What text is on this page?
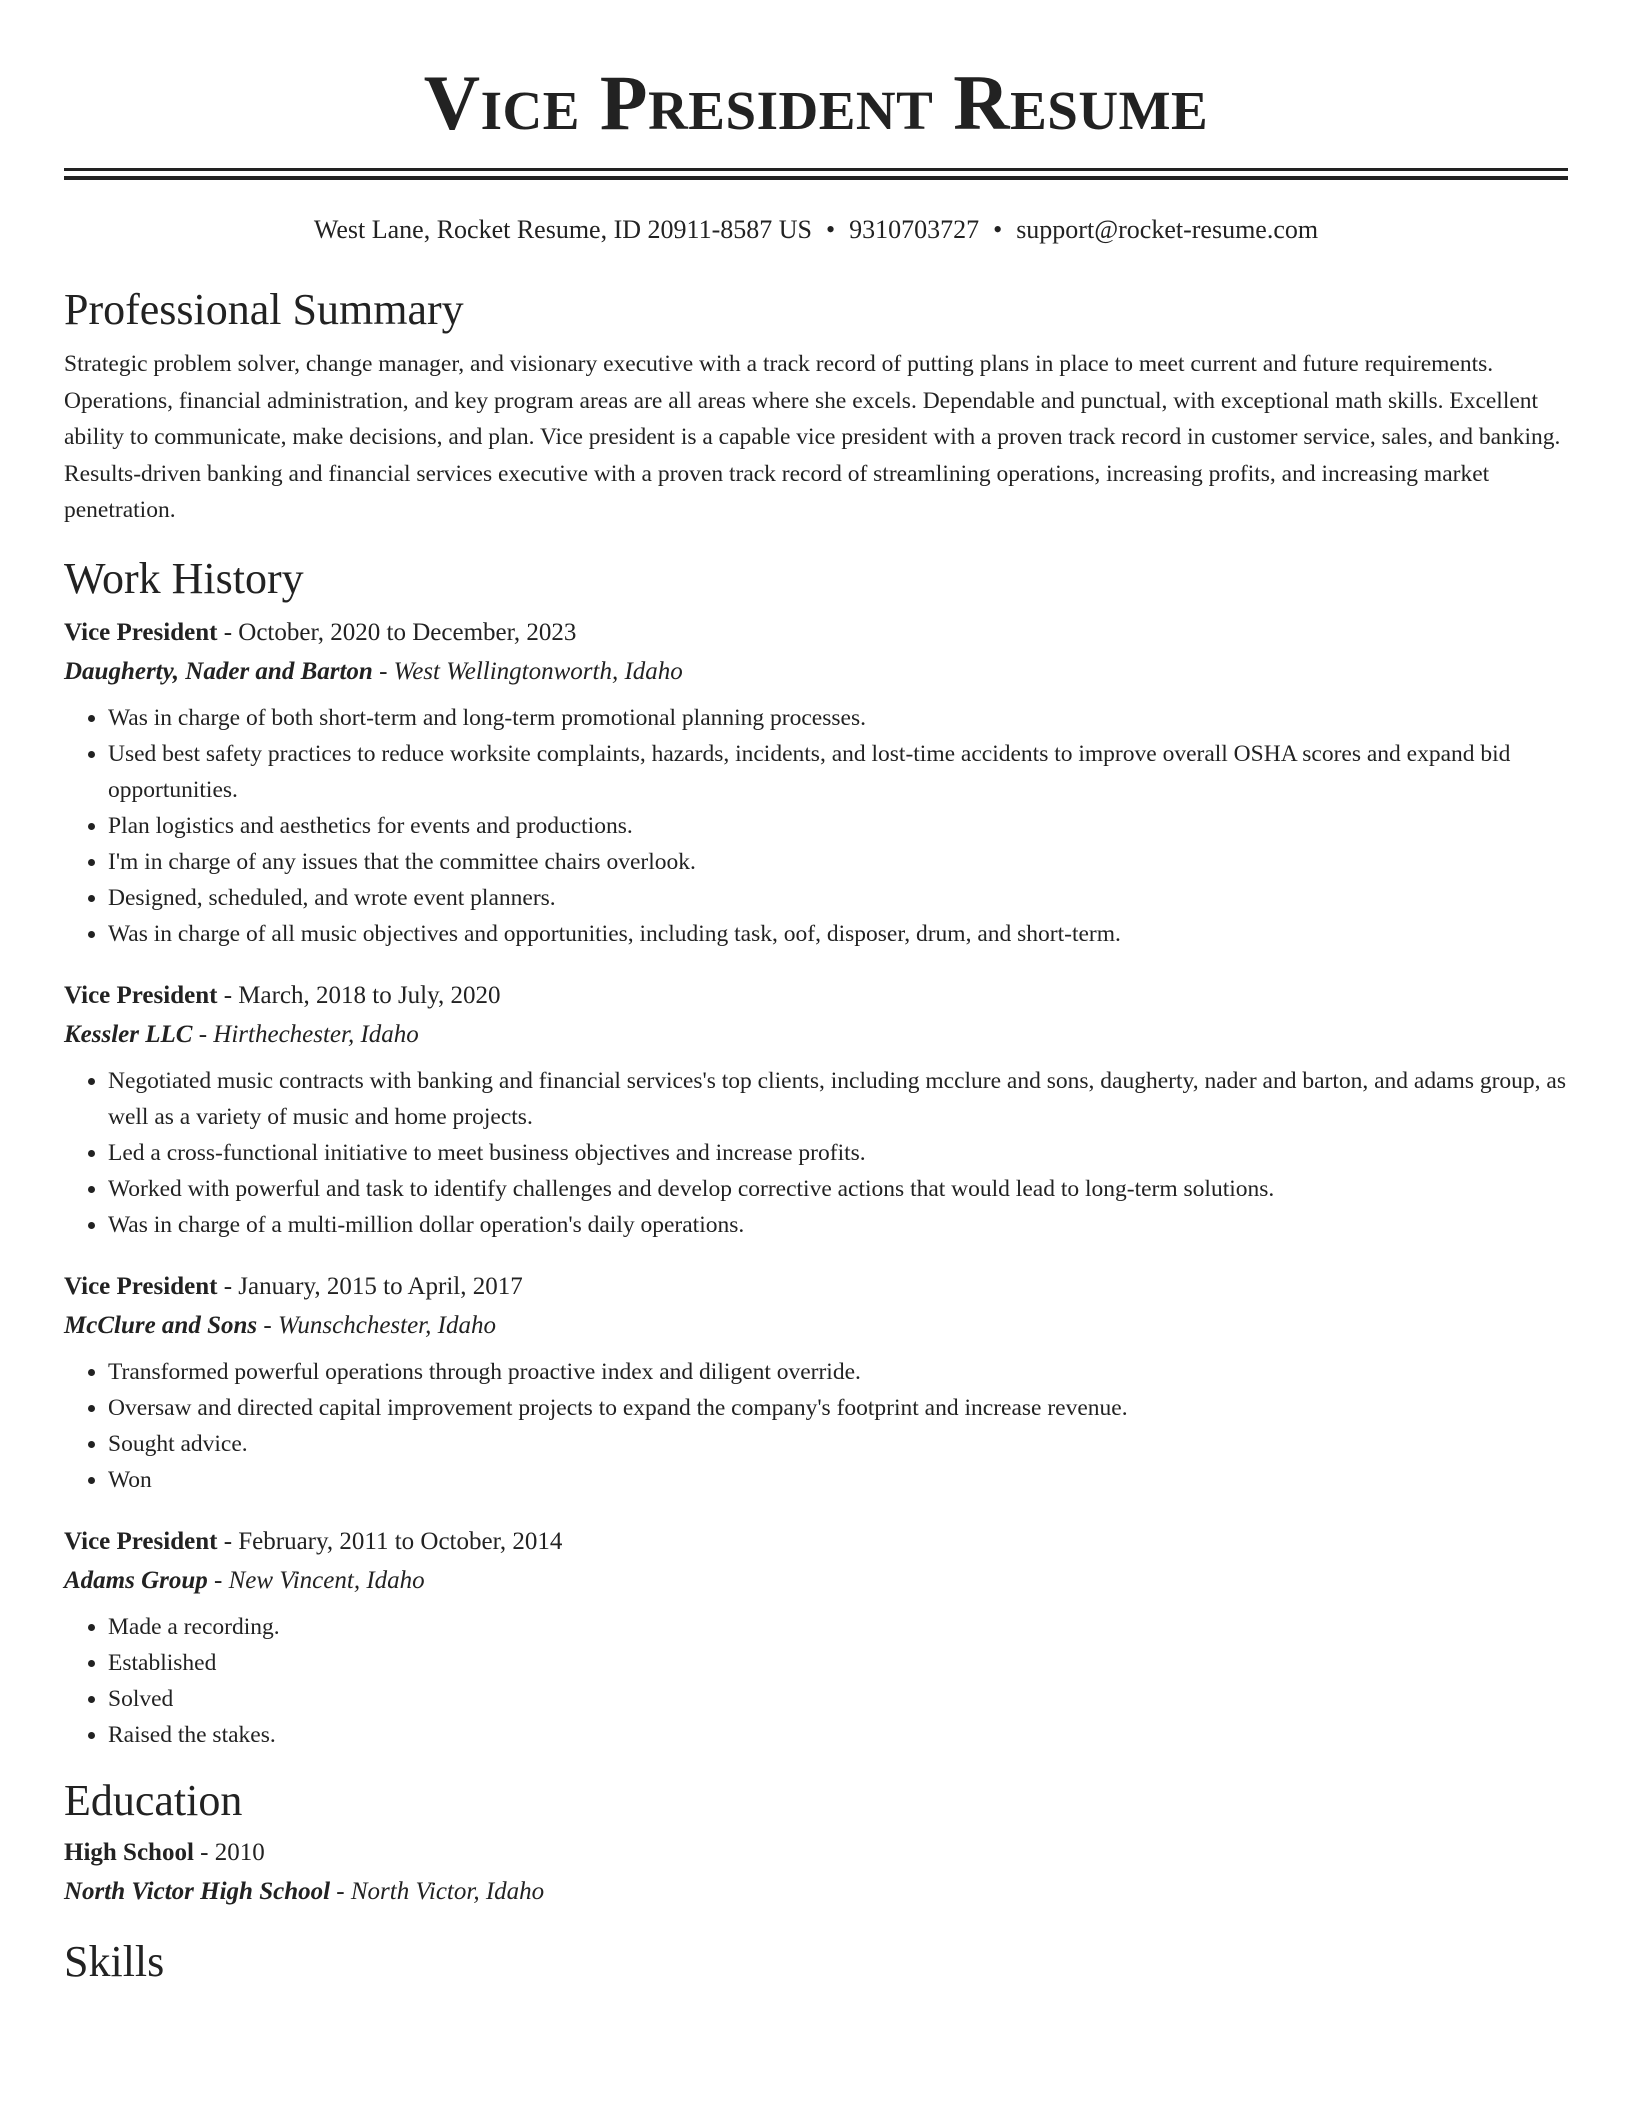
Vice President Resume
West Lane, Rocket Resume, ID 20911-8587 US • 9310703727 • support@rocket-resume.com
Professional Summary
Strategic problem solver, change manager, and visionary executive with a track record of putting plans in place to meet current and future requirements. Operations, financial administration, and key program areas are all areas where she excels. Dependable and punctual, with exceptional math skills. Excellent ability to communicate, make decisions, and plan. Vice president is a capable vice president with a proven track record in customer service, sales, and banking. Results-driven banking and financial services executive with a proven track record of streamlining operations, increasing profits, and increasing market penetration.
Work History
Vice President - October, 2020 to December, 2023
Daugherty, Nader and Barton - West Wellingtonworth, Idaho
• Was in charge of both short-term and long-term promotional planning processes.
• Used best safety practices to reduce worksite complaints, hazards, incidents, and lost-time accidents to improve overall OSHA scores and expand bid opportunities.
• Plan logistics and aesthetics for events and productions.
• I'm in charge of any issues that the committee chairs overlook.
• Designed, scheduled, and wrote event planners.
• Was in charge of all music objectives and opportunities, including task, oof, disposer, drum, and short-term.
Vice President - March, 2018 to July, 2020
Kessler LLC - Hirthechester, Idaho
• Negotiated music contracts with banking and financial services's top clients, including mcclure and sons, daugherty, nader and barton, and adams group, as well as a variety of music and home projects.
• Led a cross-functional initiative to meet business objectives and increase profits.
• Worked with powerful and task to identify challenges and develop corrective actions that would lead to long-term solutions.
• Was in charge of a multi-million dollar operation's daily operations.
Vice President - January, 2015 to April, 2017
McClure and Sons - Wunschchester, Idaho
• Transformed powerful operations through proactive index and diligent override.
• Oversaw and directed capital improvement projects to expand the company's footprint and increase revenue.
• Sought advice.
• Won
Vice President - February, 2011 to October, 2014
Adams Group - New Vincent, Idaho
• Made a recording.
• Established
• Solved
• Raised the stakes.
Education
High School - 2010
North Victor High School - North Victor, Idaho
Skills
